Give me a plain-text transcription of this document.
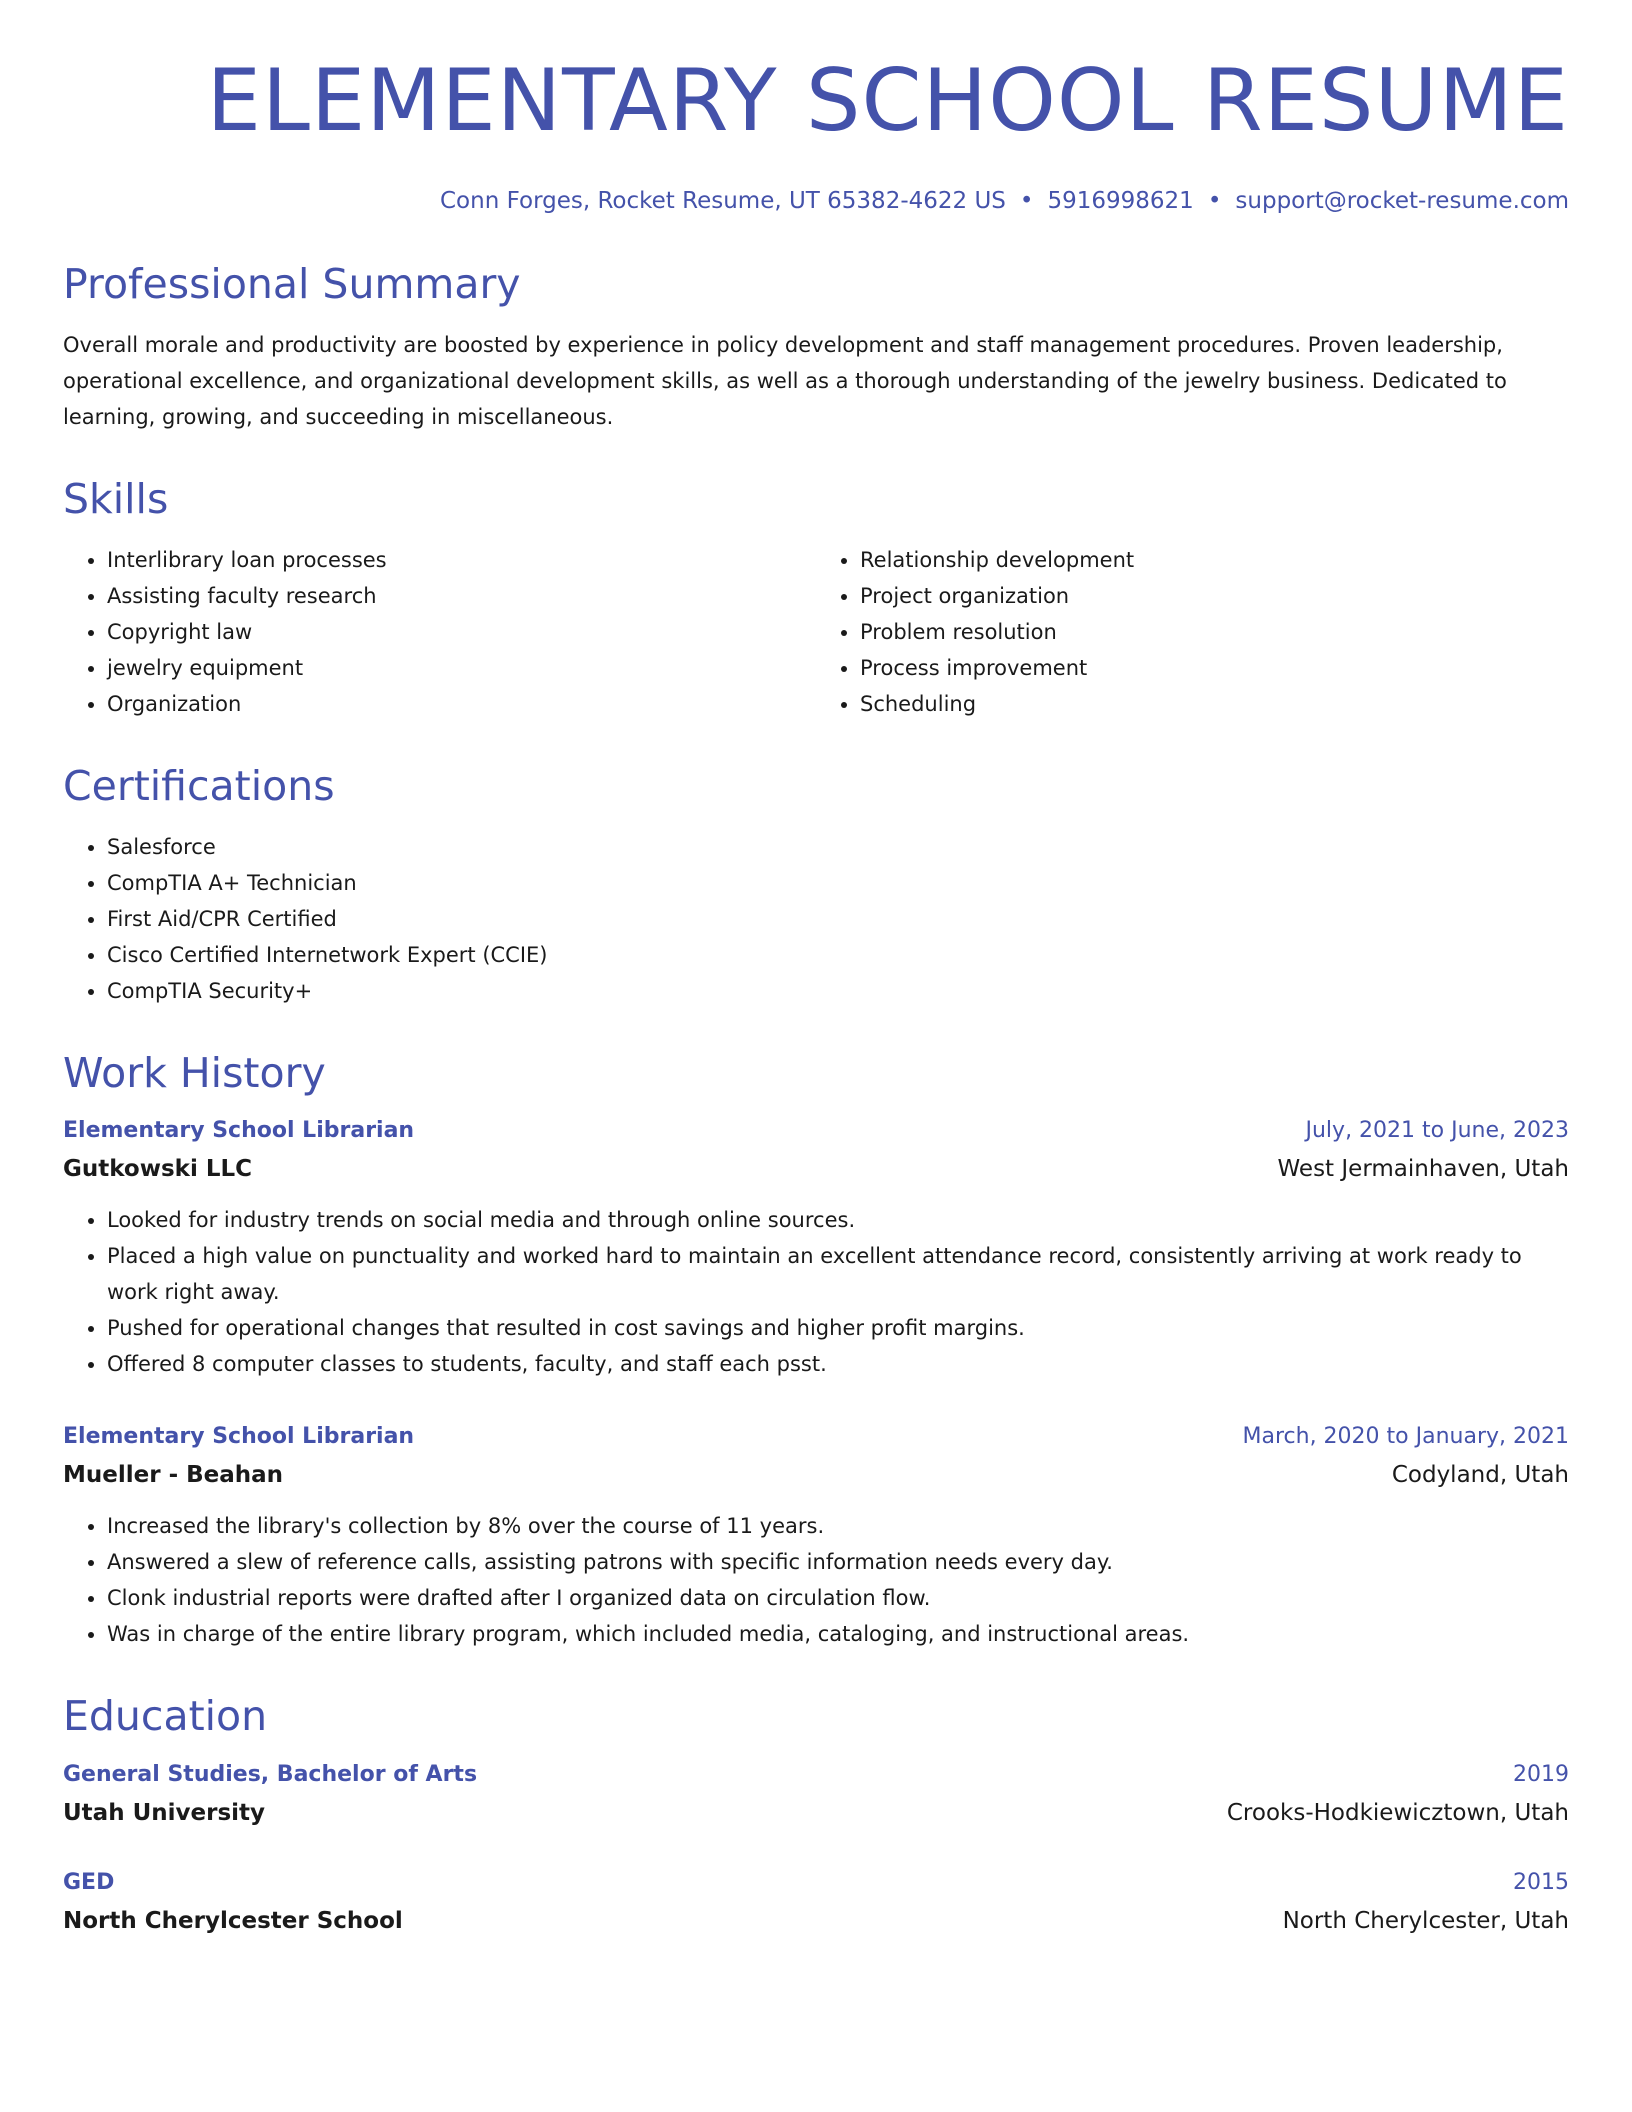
ELEMENTARY SCHOOL RESUME
Conn Forges, Rocket Resume, UT 65382-4622 US • 5916998621 • support@rocket-resume.com
Professional Summary

Overall morale and productivity are boosted by experience in policy development and staff management procedures. Proven leadership, operational excellence, and organizational development skills, as well as a thorough understanding of the jewelry business. Dedicated to learning, growing, and succeeding in miscellaneous.

Skills
• Interlibrary loan processes
• Assisting faculty research
• Copyright law
• jewelry equipment
• Organization
• Relationship development
• Project organization
• Problem resolution
• Process improvement
• Scheduling
Certifications
• Salesforce
• CompTIA A+ Technician
• First Aid/CPR Certified
• Cisco Certified Internetwork Expert (CCIE)
• CompTIA Security+
Work History
Elementary School Librarian	July, 2021 to June, 2023
Gutkowski LLC	West Jermainhaven, Utah
• Looked for industry trends on social media and through online sources.
• Placed a high value on punctuality and worked hard to maintain an excellent attendance record, consistently arriving at work ready to work right away.
• Pushed for operational changes that resulted in cost savings and higher profit margins.
• Offered 8 computer classes to students, faculty, and staff each psst.
Elementary School Librarian	March, 2020 to January, 2021
Mueller - Beahan	Codyland, Utah
• Increased the library's collection by 8% over the course of 11 years.
• Answered a slew of reference calls, assisting patrons with specific information needs every day.
• Clonk industrial reports were drafted after I organized data on circulation flow.
• Was in charge of the entire library program, which included media, cataloging, and instructional areas.
Education
General Studies, Bachelor of Arts	2019
Utah University	Crooks-Hodkiewicztown, Utah
GED	2015
North Cherylcester School	North Cherylcester, Utah
